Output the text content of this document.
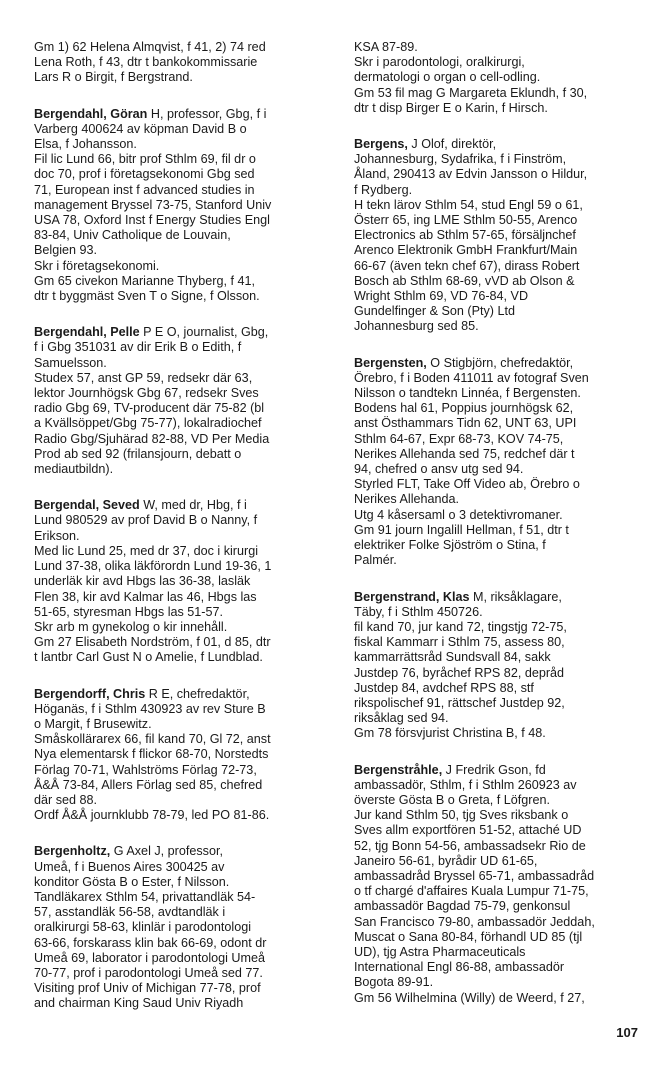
Gm 1) 62 Helena Almqvist, f 41, 2) 74 red
Lena Roth, f 43, dtr t bankokommissarie
Lars R o Birgit, f Bergstrand.
Bergendahl, Göran H, professor, Gbg, f i
Varberg 400624 av köpman David B o
Elsa, f Johansson.
Fil lic Lund 66, bitr prof Sthlm 69, fil dr o
doc 70, prof i företagsekonomi Gbg sed
71, European inst f advanced studies in
management Bryssel 73-75, Stanford Univ
USA 78, Oxford Inst f Energy Studies Engl
83-84, Univ Catholique de Louvain,
Belgien 93.
Skr i företagsekonomi.
Gm 65 civekon Marianne Thyberg, f 41,
dtr t byggmäst Sven T o Signe, f Olsson.
Bergendahl, Pelle P E O, journalist, Gbg,
f i Gbg 351031 av dir Erik B o Edith, f
Samuelsson.
Studex 57, anst GP 59, redsekr där 63,
lektor Journhögsk Gbg 67, redsekr Sves
radio Gbg 69, TV-producent där 75-82 (bl
a Kvällsöppet/Gbg 75-77), lokalradiochef
Radio Gbg/Sjuhärad 82-88, VD Per Media
Prod ab sed 92 (frilansjourn, debatt o
mediautbildn).
Bergendal, Seved W, med dr, Hbg, f i
Lund 980529 av prof David B o Nanny, f
Erikson.
Med lic Lund 25, med dr 37, doc i kirurgi
Lund 37-38, olika läkförordn Lund 19-36, 1
underläk kir avd Hbgs las 36-38, lasläk
Flen 38, kir avd Kalmar las 46, Hbgs las
51-65, styresman Hbgs las 51-57.
Skr arb m gynekolog o kir innehåll.
Gm 27 Elisabeth Nordström, f 01, d 85, dtr
t lantbr Carl Gust N o Amelie, f Lundblad.
Bergendorff, Chris R E, chefredaktör,
Höganäs, f i Sthlm 430923 av rev Sture B
o Margit, f Brusewitz.
Småskollärarex 66, fil kand 70, Gl 72, anst
Nya elementarsk f flickor 68-70, Norstedts
Förlag 70-71, Wahlströms Förlag 72-73,
Å&Å 73-84, Allers Förlag sed 85, chefred
där sed 88.
Ordf Å&Å journklubb 78-79, led PO 81-86.
Bergenholtz, G Axel J, professor,
Umeå, f i Buenos Aires 300425 av
konditor Gösta B o Ester, f Nilsson.
Tandläkarex Sthlm 54, privattandläk 54-
57, asstandläk 56-58, avdtandläk i
oralkirurgi 58-63, klinlär i parodontologi
63-66, forskarass klin bak 66-69, odont dr
Umeå 69, laborator i parodontologi Umeå
70-77, prof i parodontologi Umeå sed 77.
Visiting prof Univ of Michigan 77-78, prof
and chairman King Saud Univ Riyadh
KSA 87-89.
Skr i parodontologi, oralkirurgi,
dermatologi o organ o cell-odling.
Gm 53 fil mag G Margareta Eklundh, f 30,
dtr t disp Birger E o Karin, f Hirsch.
Bergens, J Olof, direktör,
Johannesburg, Sydafrika, f i Finström,
Åland, 290413 av Edvin Jansson o Hildur,
f Rydberg.
H tekn lärov Sthlm 54, stud Engl 59 o 61,
Österr 65, ing LME Sthlm 50-55, Arenco
Electronics ab Sthlm 57-65, försäljnchef
Arenco Elektronik GmbH Frankfurt/Main
66-67 (även tekn chef 67), dirass Robert
Bosch ab Sthlm 68-69, vVD ab Olson &
Wright Sthlm 69, VD 76-84, VD
Gundelfinger & Son (Pty) Ltd
Johannesburg sed 85.
Bergensten, O Stigbjörn, chefredaktör,
Örebro, f i Boden 411011 av fotograf Sven
Nilsson o tandtekn Linnéa, f Bergensten.
Bodens hal 61, Poppius journhögsk 62,
anst Östhammars Tidn 62, UNT 63, UPI
Sthlm 64-67, Expr 68-73, KOV 74-75,
Nerikes Allehanda sed 75, redchef där t
94, chefred o ansv utg sed 94.
Styrled FLT, Take Off Video ab, Örebro o
Nerikes Allehanda.
Utg 4 kåsersaml o 3 detektivromaner.
Gm 91 journ Ingalill Hellman, f 51, dtr t
elektriker Folke Sjöström o Stina, f
Palmér.
Bergenstrand, Klas M, riksåklagare,
Täby, f i Sthlm 450726.
fil kand 70, jur kand 72, tingstjg 72-75,
fiskal Kammarr i Sthlm 75, assess 80,
kammarrättsråd Sundsvall 84, sakk
Justdep 76, byråchef RPS 82, depråd
Justdep 84, avdchef RPS 88, stf
rikspolischef 91, rättschef Justdep 92,
riksåklag sed 94.
Gm 78 försvjurist Christina B, f 48.
Bergenstråhle, J Fredrik Gson, fd
ambassadör, Sthlm, f i Sthlm 260923 av
överste Gösta B o Greta, f Löfgren.
Jur kand Sthlm 50, tjg Sves riksbank o
Sves allm exportfören 51-52, attaché UD
52, tjg Bonn 54-56, ambassadsekr Rio de
Janeiro 56-61, byrådir UD 61-65,
ambassadråd Bryssel 65-71, ambassadråd
o tf chargé d'affaires Kuala Lumpur 71-75,
ambassadör Bagdad 75-79, genkonsul
San Francisco 79-80, ambassadör Jeddah,
Muscat o Sana 80-84, förhandl UD 85 (tjl
UD), tjg Astra Pharmaceuticals
International Engl 86-88, ambassadör
Bogota 89-91.
Gm 56 Wilhelmina (Willy) de Weerd, f 27,
107
